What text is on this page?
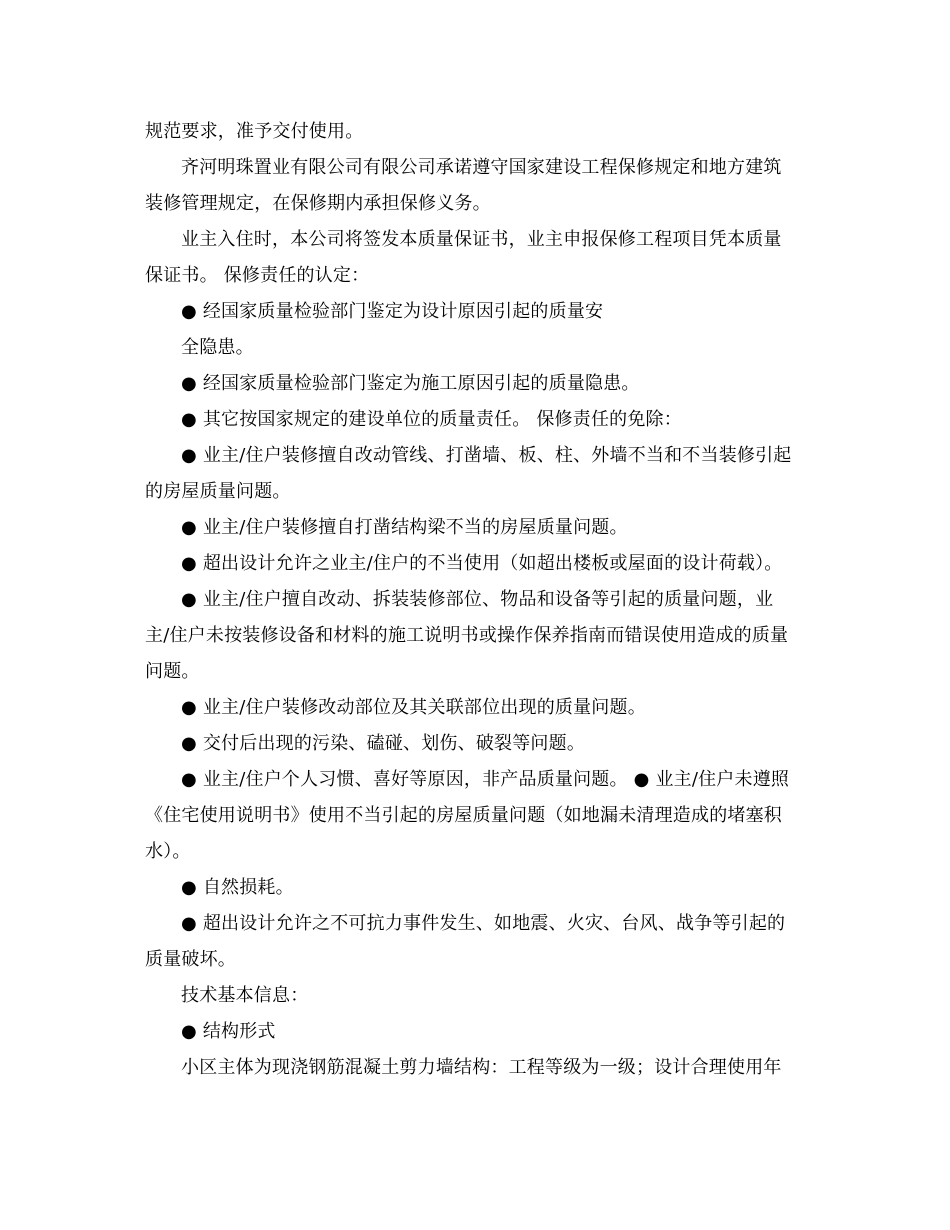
规范要求，准予交付使用。
齐河明珠置业有限公司有限公司承诺遵守国家建设工程保修规定和地方建筑
装修管理规定，在保修期内承担保修义务。
业主入住时，本公司将签发本质量保证书，业主申报保修工程项目凭本质量
保证书。 保修责任的认定：
● 经国家质量检验部门鉴定为设计原因引起的质量安
全隐患。
● 经国家质量检验部门鉴定为施工原因引起的质量隐患。
● 其它按国家规定的建设单位的质量责任。 保修责任的免除：
● 业主/住户装修擅自改动管线、打凿墙、板、柱、外墙不当和不当装修引起
的房屋质量问题。
● 业主/住户装修擅自打凿结构梁不当的房屋质量问题。
● 超出设计允许之业主/住户的不当使用（如超出楼板或屋面的设计荷载）。
● 业主/住户擅自改动、拆装装修部位、物品和设备等引起的质量问题，业
主/住户未按装修设备和材料的施工说明书或操作保养指南而错误使用造成的质量
问题。
● 业主/住户装修改动部位及其关联部位出现的质量问题。
● 交付后出现的污染、磕碰、划伤、破裂等问题。
● 业主/住户个人习惯、喜好等原因，非产品质量问题。 ● 业主/住户未遵照
《住宅使用说明书》使用不当引起的房屋质量问题（如地漏未清理造成的堵塞积
水）。
● 自然损耗。
● 超出设计允许之不可抗力事件发生、如地震、火灾、台风、战争等引起的
质量破坏。
技术基本信息：
● 结构形式
小区主体为现浇钢筋混凝土剪力墙结构：工程等级为一级；设计合理使用年
